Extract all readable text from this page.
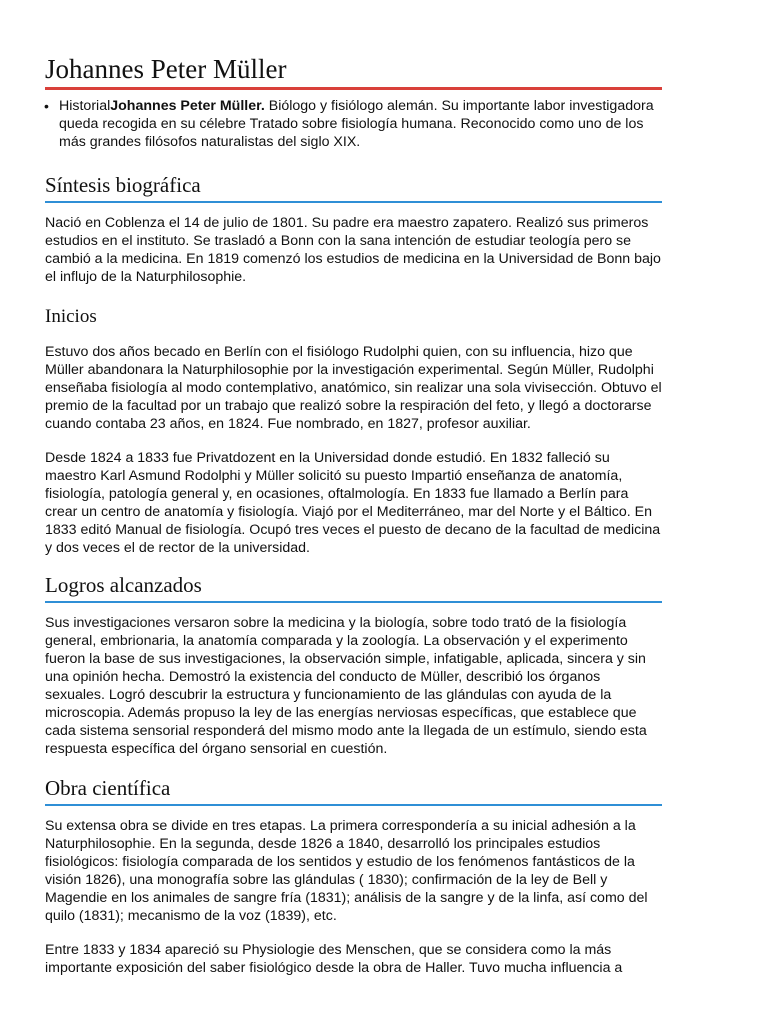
Johannes Peter Müller
• HistorialJohannes Peter Müller. Biólogo y fisiólogo alemán. Su importante labor investigadora queda recogida en su célebre Tratado sobre fisiología humana. Reconocido como uno de los más grandes filósofos naturalistas del siglo XIX.
Síntesis biográfica

Nació en Coblenza el 14 de julio de 1801. Su padre era maestro zapatero. Realizó sus primeros estudios en el instituto. Se trasladó a Bonn con la sana intención de estudiar teología pero se cambió a la medicina. En 1819 comenzó los estudios de medicina en la Universidad de Bonn bajo el influjo de la Naturphilosophie.

Inicios

Estuvo dos años becado en Berlín con el fisiólogo Rudolphi quien, con su influencia, hizo que Müller abandonara la Naturphilosophie por la investigación experimental. Según Müller, Rudolphi enseñaba fisiología al modo contemplativo, anatómico, sin realizar una sola vivisección. Obtuvo el premio de la facultad por un trabajo que realizó sobre la respiración del feto, y llegó a doctorarse cuando contaba 23 años, en 1824. Fue nombrado, en 1827, profesor auxiliar.

Desde 1824 a 1833 fue Privatdozent en la Universidad donde estudió. En 1832 falleció su maestro Karl Asmund Rodolphi y Müller solicitó su puesto Impartió enseñanza de anatomía, fisiología, patología general y, en ocasiones, oftalmología. En 1833 fue llamado a Berlín para crear un centro de anatomía y fisiología. Viajó por el Mediterráneo, mar del Norte y el Báltico. En 1833 editó Manual de fisiología. Ocupó tres veces el puesto de decano de la facultad de medicina y dos veces el de rector de la universidad.

Logros alcanzados

Sus investigaciones versaron sobre la medicina y la biología, sobre todo trató de la fisiología general, embrionaria, la anatomía comparada y la zoología. La observación y el experimento fueron la base de sus investigaciones, la observación simple, infatigable, aplicada, sincera y sin una opinión hecha. Demostró la existencia del conducto de Müller, describió los órganos sexuales. Logró descubrir la estructura y funcionamiento de las glándulas con ayuda de la microscopia. Además propuso la ley de las energías nerviosas específicas, que establece que cada sistema sensorial responderá del mismo modo ante la llegada de un estímulo, siendo esta respuesta específica del órgano sensorial en cuestión.

Obra científica

Su extensa obra se divide en tres etapas. La primera correspondería a su inicial adhesión a la Naturphilosophie. En la segunda, desde 1826 a 1840, desarrolló los principales estudios fisiológicos: fisiología comparada de los sentidos y estudio de los fenómenos fantásticos de la visión 1826), una monografía sobre las glándulas ( 1830); confirmación de la ley de Bell y Magendie en los animales de sangre fría (1831); análisis de la sangre y de la linfa, así como del quilo (1831); mecanismo de la voz (1839), etc.

Entre 1833 y 1834 apareció su Physiologie des Menschen, que se considera como la más importante exposición del saber fisiológico desde la obra de Haller. Tuvo mucha influencia a
